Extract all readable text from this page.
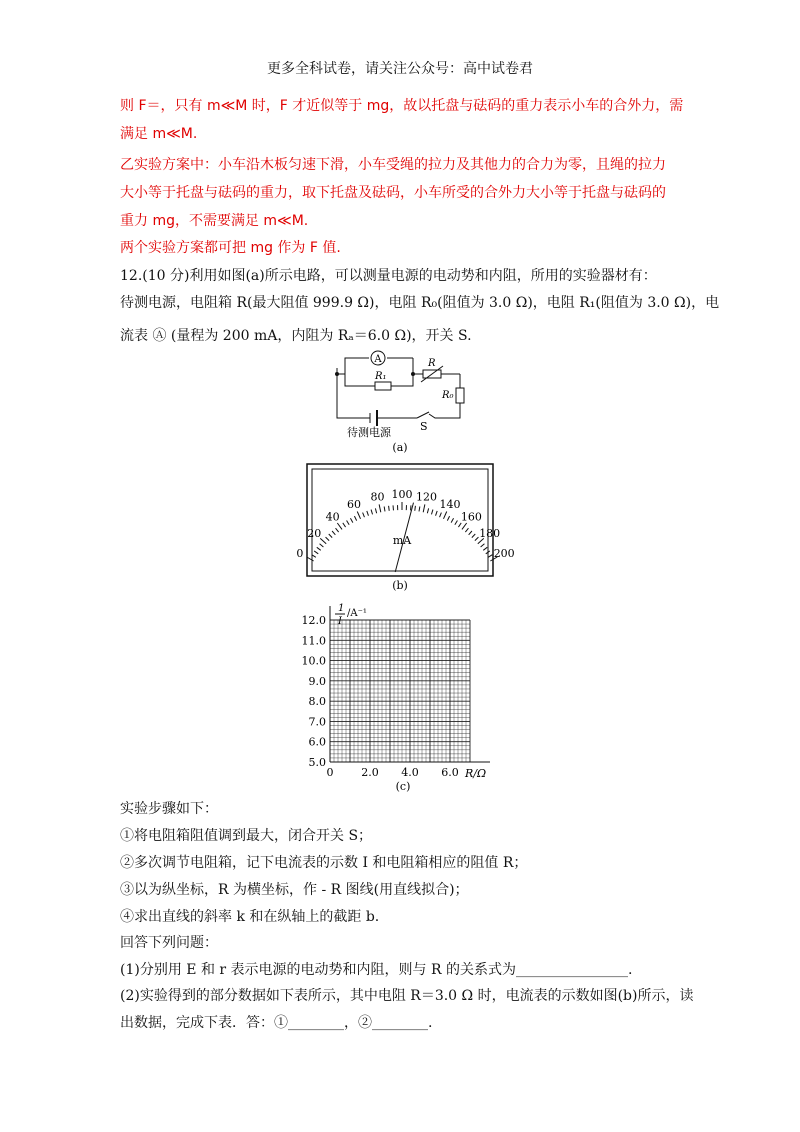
更多全科试卷，请关注公众号：高中试卷君
则 F＝，只有 m≪M 时，F 才近似等于 mg，故以托盘与砝码的重力表示小车的合外力，需
满足 m≪M.
乙实验方案中：小车沿木板匀速下滑，小车受绳的拉力及其他力的合力为零，且绳的拉力
大小等于托盘与砝码的重力，取下托盘及砝码，小车所受的合外力大小等于托盘与砝码的
重力 mg，不需要满足 m≪M.
两个实验方案都可把 mg 作为 F 值.
12.(10 分)利用如图(a)所示电路，可以测量电源的电动势和内阻，所用的实验器材有：
待测电源，电阻箱 R(最大阻值 999.9 Ω)，电阻 R₀(阻值为 3.0 Ω)，电阻 R₁(阻值为 3.0 Ω)，电
流表 Ⓐ (量程为 200 mA，内阻为 Rₐ＝6.0 Ω)，开关 S.
A	R
R₁
R₀
待测电源	S
(a)
0
20
40
60
80 100 120
140
160
180
200
mA
(b)
5.0
6.0
7.0
8.0
9.0
10.0
11.0
12.0
0	2.0 4.0 6.0
1
I
/A⁻¹
R/Ω
(c)
实验步骤如下：
①将电阻箱阻值调到最大，闭合开关 S；
②多次调节电阻箱，记下电流表的示数 I 和电阻箱相应的阻值 R；
③以为纵坐标，R 为横坐标，作 - R 图线(用直线拟合)；
④求出直线的斜率 k 和在纵轴上的截距 b.
回答下列问题：
(1)分别用 E 和 r 表示电源的电动势和内阻，则与 R 的关系式为________________.
(2)实验得到的部分数据如下表所示，其中电阻 R＝3.0 Ω 时，电流表的示数如图(b)所示，读
出数据，完成下表．答：①________，②________.
